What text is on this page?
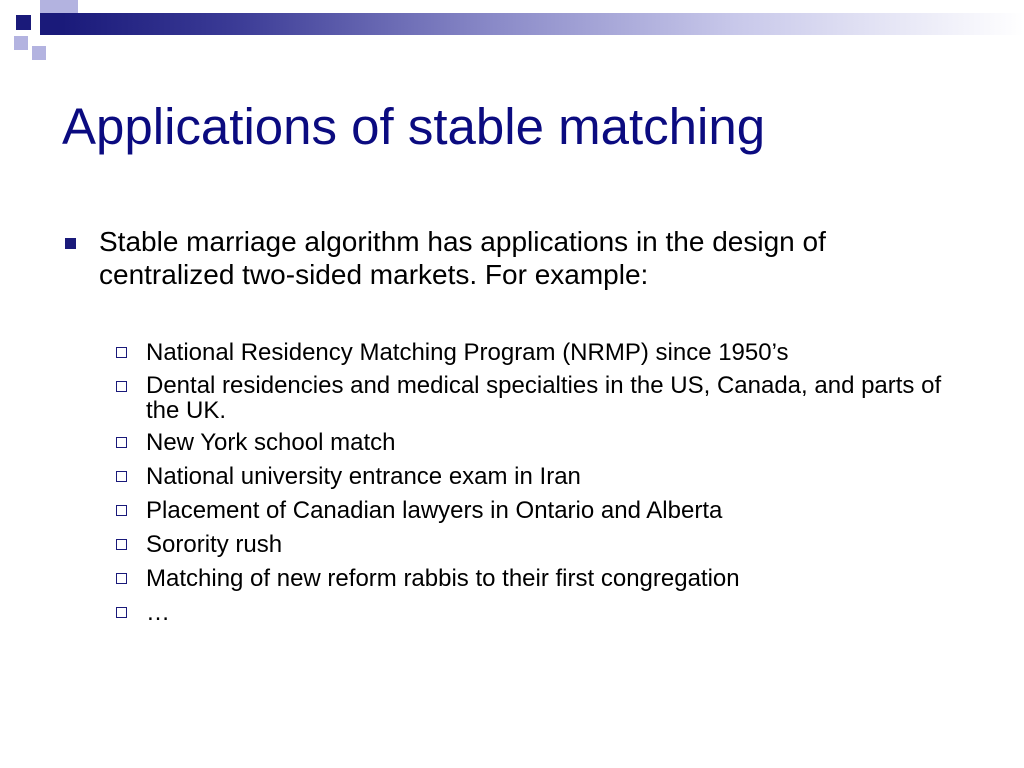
Applications of stable matching
Stable marriage algorithm has applications in the design of centralized two-sided markets. For example:
National Residency Matching Program (NRMP) since 1950’s
Dental residencies and medical specialties in the US, Canada, and parts of the UK.
New York school match
National university entrance exam in Iran
Placement of Canadian lawyers in Ontario and Alberta
Sorority rush
Matching of new reform rabbis to their first congregation
…
